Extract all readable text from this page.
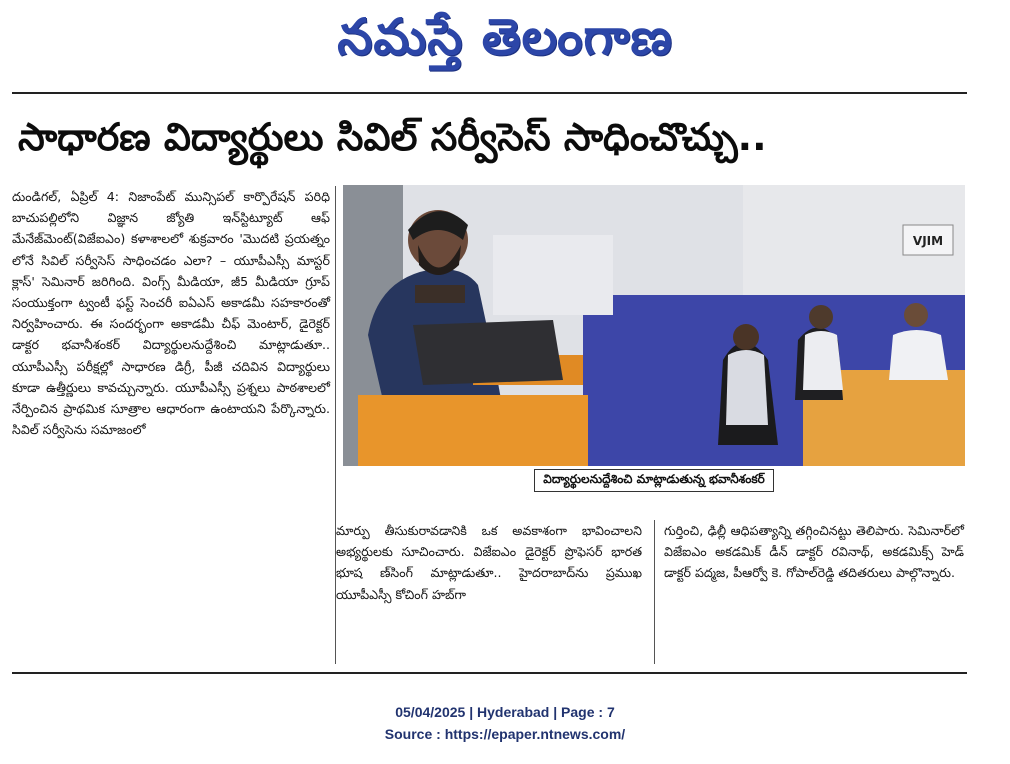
నమస్తే తెలంగాణ
సాధారణ విద్యార్థులు సివిల్ సర్వీసెస్ సాధించొచ్చు..

దుండిగల్, ఏప్రిల్ 4: నిజాంపేట్ మున్సిపల్ కార్పొరేషన్ పరిధి బాచుపల్లిలోని విజ్ఞాన జ్యోతి ఇన్‌స్టిట్యూట్ ఆఫ్ మేనేజ్‌మెంట్(విజేఐఎం) కళాశాలలో శుక్రవారం 'మొదటి ప్రయత్నం లోనే సివిల్ సర్వీసెస్ సాధించడం ఎలా? – యూపీఎస్సీ మాస్టర్ క్లాస్' సెమినార్ జరిగింది. వింగ్స్ మీడియా, జీ5 మీడియా గ్రూప్ సంయుక్తంగా ట్వంటీ ఫస్ట్ సెంచరీ ఐఏఎస్ అకాడమీ సహకారంతో నిర్వహించారు. ఈ సందర్భంగా అకాడమీ చీఫ్ మెంటార్, డైరెక్టర్ డాక్టర భవానీశంకర్ విద్యార్థులనుద్దేశించి మాట్లాడుతూ.. యూపీఎస్సీ పరీక్షల్లో సాధారణ డిగ్రీ, పీజీ చదివిన విద్యార్థులు కూడా ఉత్తీర్ణులు కావచ్చున్నారు. యూపీఎస్సీ ప్రశ్నలు పాఠశాలలో నేర్పించిన ప్రాథమిక సూత్రాల ఆధారంగా ఉంటాయని పేర్కొన్నారు. సివిల్ సర్వీసెను సమాజంలో

VJIM
విద్యార్థులనుద్దేశించి మాట్లాడుతున్న భవానీశంకర్

మార్పు తీసుకురావడానికి ఒక అవకాశంగా భావించాలని అభ్యర్థులకు సూచించారు. విజేఐఎం డైరెక్టర్ ప్రొఫెసర్ భారత భూష ణ్‌సింగ్ మాట్లాడుతూ.. హైదరాబాద్‌ను ప్రముఖ యూపీఎస్సీ కోచింగ్ హబ్‌గా

గుర్తించి, ఢిల్లీ ఆధిపత్యాన్ని తగ్గించినట్టు తెలిపారు. సెమినార్‌లో విజేఐఎం అకడమిక్ డీన్ డాక్టర్ రవినాథ్, అకడమిక్స్ హెడ్ డాక్టర్ పద్మజ, పీఆర్వో కె. గోపాల్‌రెడ్డి తదితరులు పాల్గొన్నారు.

05/04/2025 | Hyderabad | Page : 7
Source : https://epaper.ntnews.com/
